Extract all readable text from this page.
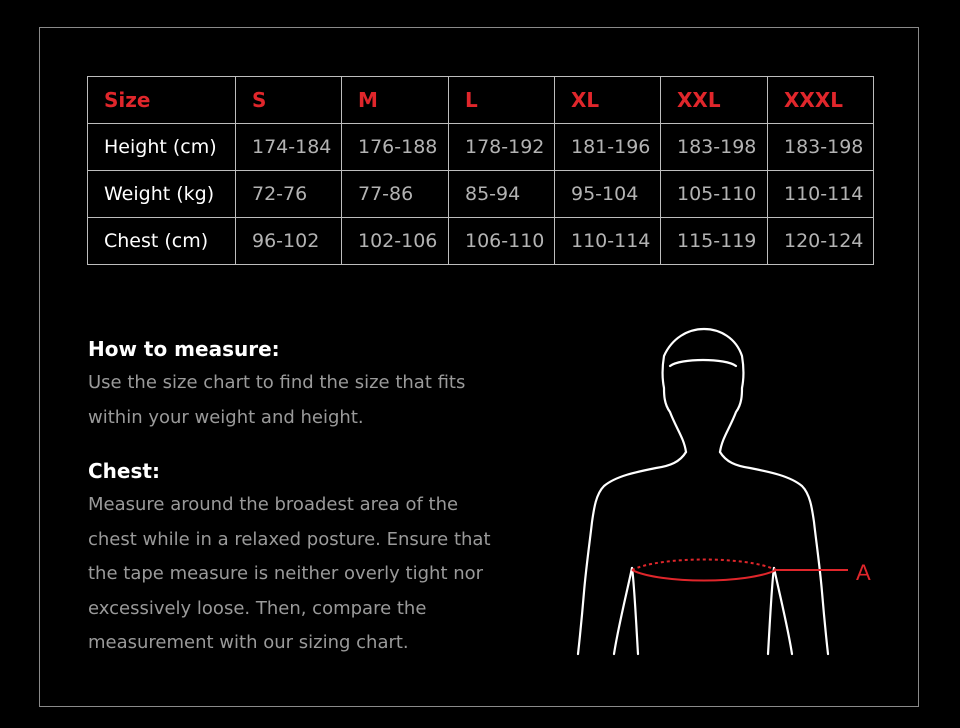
Size	S	M	L	XL	XXL	XXXL
Height (cm)	174-184	176-188	178-192	181-196	183-198	183-198
Weight (kg)	72-76	77-86	85-94	95-104	105-110	110-114
Chest (cm)	96-102	102-106	106-110	110-114	115-119	120-124

How to measure:

Use the size chart to find the size that fits

within your weight and height.

Chest:

Measure around the broadest area of the

chest while in a relaxed posture. Ensure that

the tape measure is neither overly tight nor

excessively loose. Then, compare the

measurement with our sizing chart.

A
